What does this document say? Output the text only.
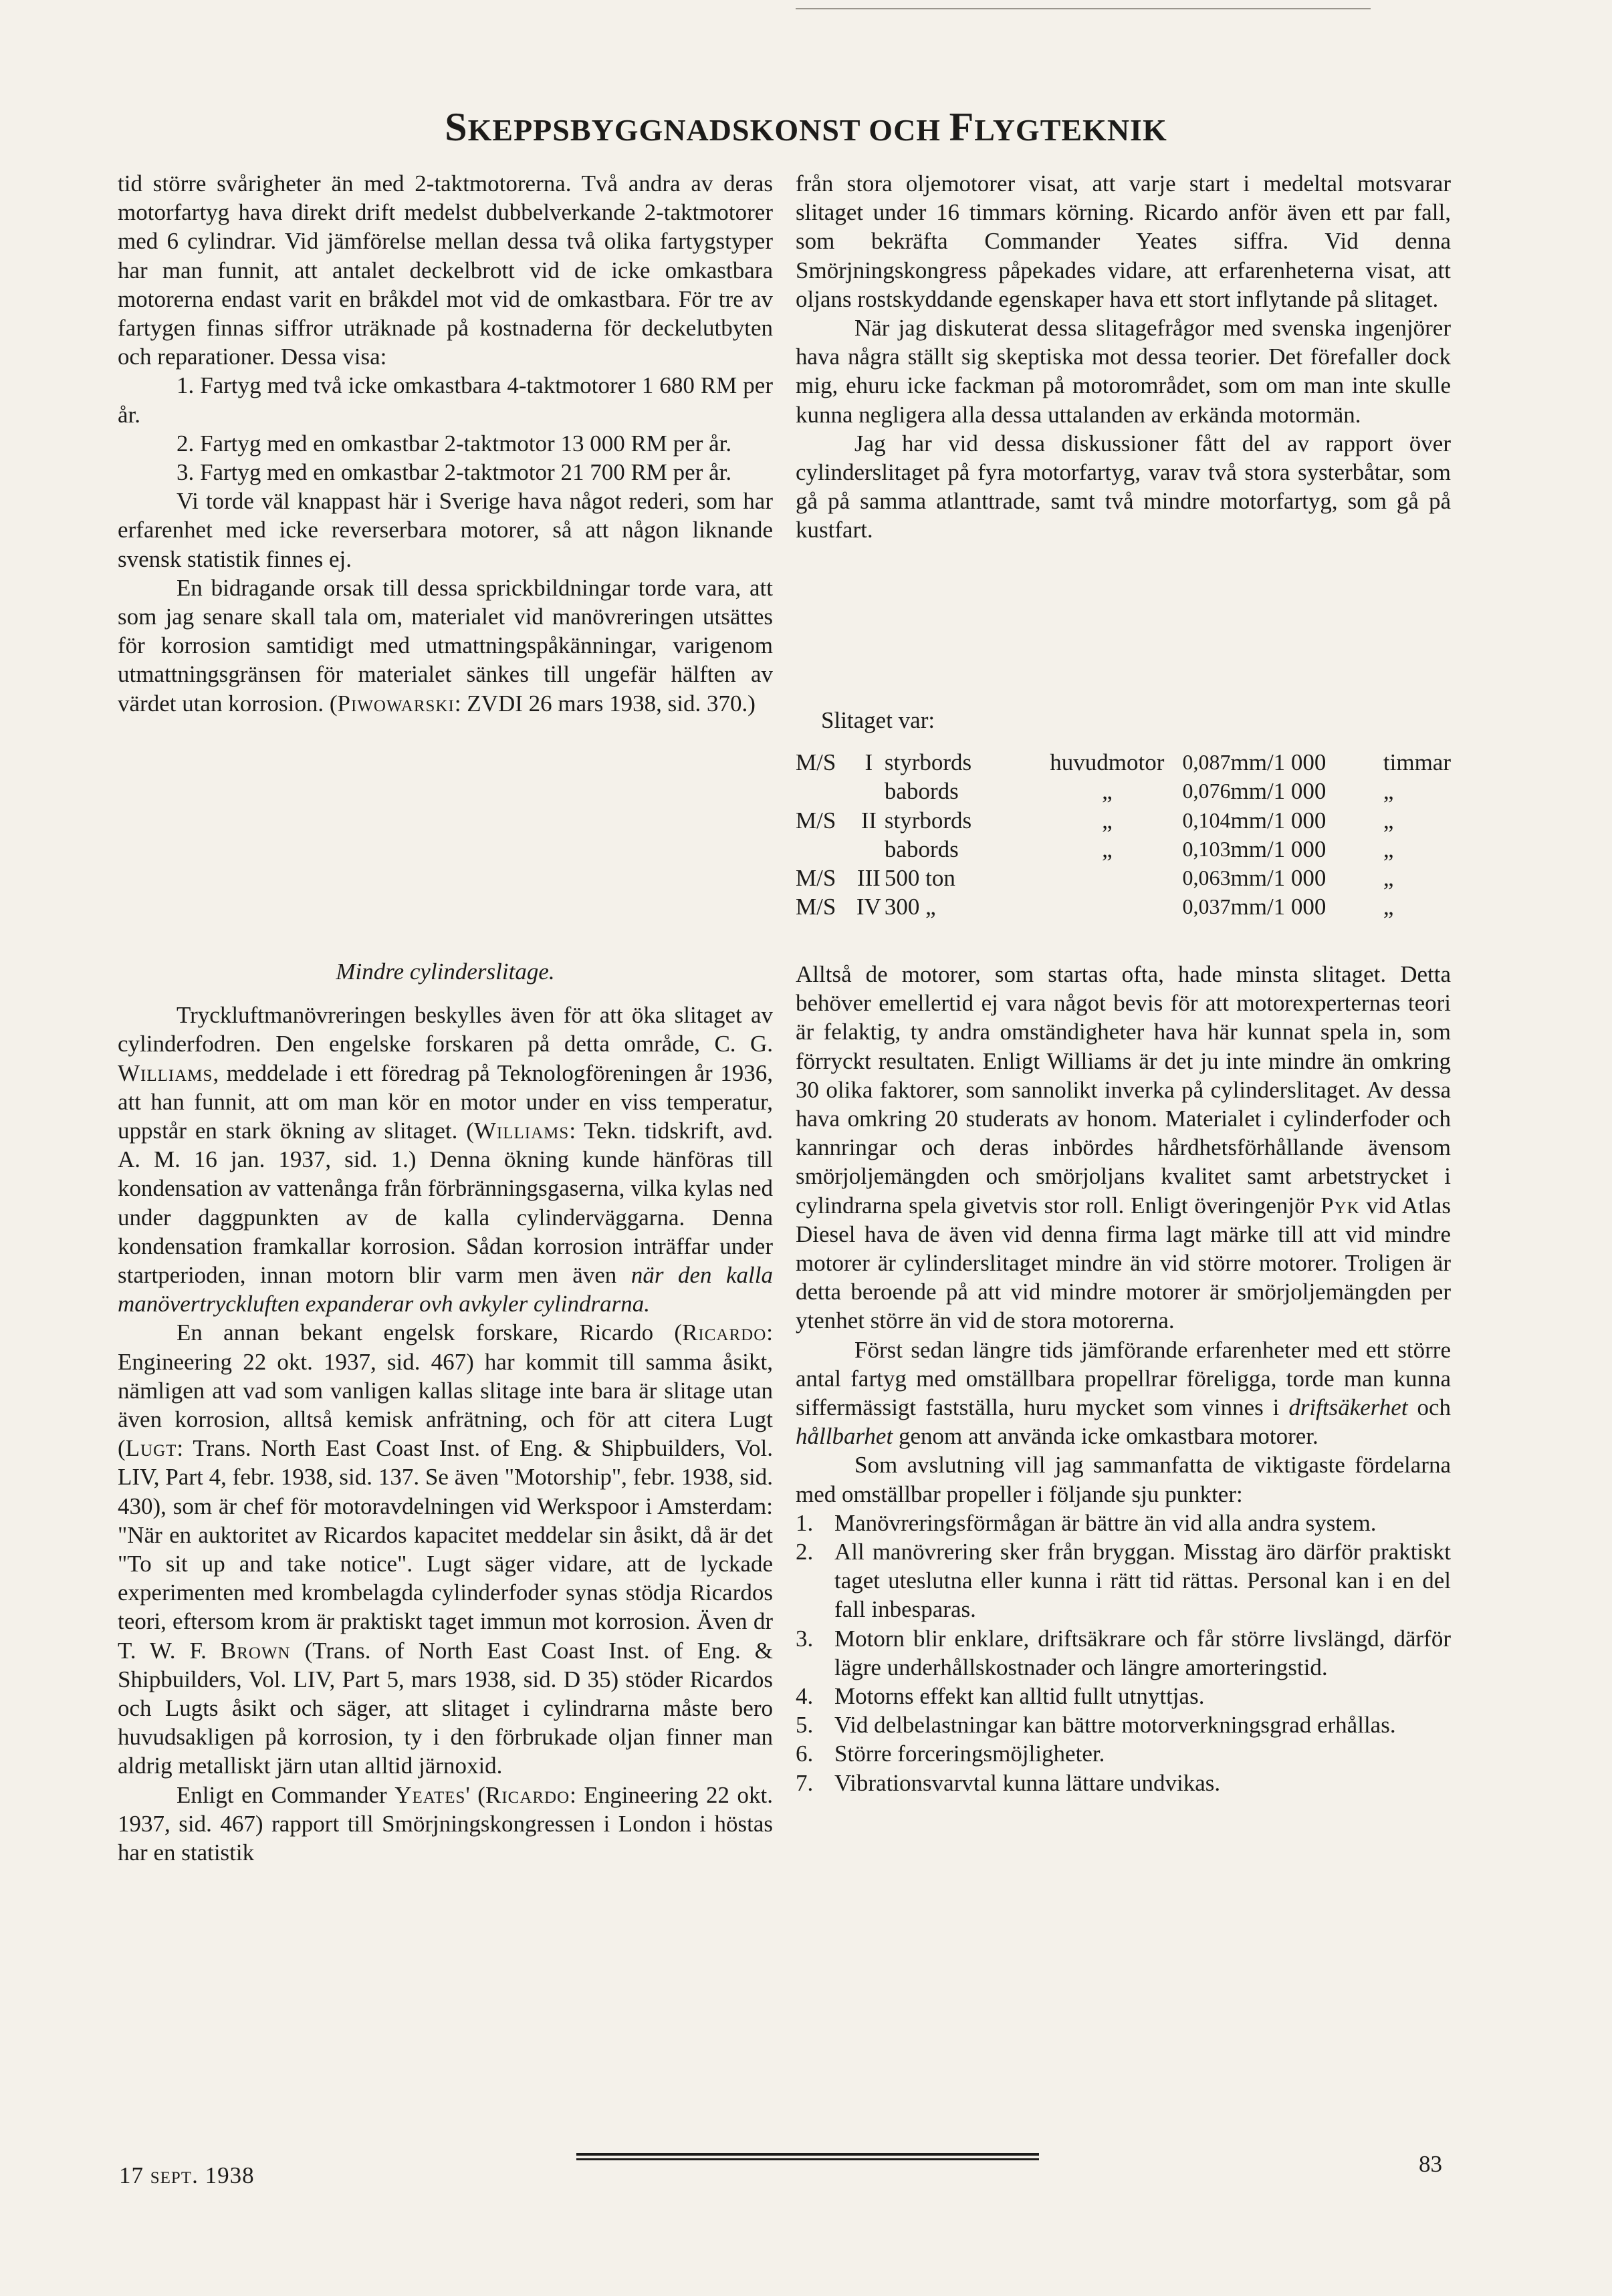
SKEPPSBYGGNADSKONST OCH FLYGTEKNIK

tid större svårigheter än med 2-taktmotorerna. Två andra av deras motorfartyg hava direkt drift medelst dubbelverkande 2-taktmotorer med 6 cylindrar. Vid jämförelse mellan dessa två olika fartygstyper har man funnit, att antalet deckelbrott vid de icke omkastbara motorerna endast varit en bråkdel mot vid de omkastbara. För tre av fartygen finnas siffror uträknade på kostnaderna för deckelutbyten och reparationer. Dessa visa:

1. Fartyg med två icke omkastbara 4-taktmotorer 1 680 RM per år.

2. Fartyg med en omkastbar 2-taktmotor 13 000 RM per år.

3. Fartyg med en omkastbar 2-taktmotor 21 700 RM per år.

Vi torde väl knappast här i Sverige hava något rederi, som har erfarenhet med icke reverserbara motorer, så att någon liknande svensk statistik finnes ej.

En bidragande orsak till dessa sprickbildningar torde vara, att som jag senare skall tala om, materialet vid manövreringen utsättes för korrosion samtidigt med utmattningspåkänningar, varigenom utmattningsgränsen för materialet sänkes till ungefär hälften av värdet utan korrosion. (Piwowarski: ZVDI 26 mars 1938, sid. 370.)

Mindre cylinderslitage.

Tryckluftmanövreringen beskylles även för att öka slitaget av cylinderfodren. Den engelske forskaren på detta område, C. G. Williams, meddelade i ett föredrag på Teknologföreningen år 1936, att han funnit, att om man kör en motor under en viss temperatur, uppstår en stark ökning av slitaget. (Williams: Tekn. tidskrift, avd. A. M. 16 jan. 1937, sid. 1.) Denna ökning kunde hänföras till kondensation av vattenånga från förbränningsgaserna, vilka kylas ned under daggpunkten av de kalla cylinderväggarna. Denna kondensation framkallar korrosion. Sådan korrosion inträffar under startperioden, innan motorn blir varm men även när den kalla manövertryckluften expanderar ovh avkyler cylindrarna.

En annan bekant engelsk forskare, Ricardo (Ricardo: Engineering 22 okt. 1937, sid. 467) har kommit till samma åsikt, nämligen att vad som vanligen kallas slitage inte bara är slitage utan även korrosion, alltså kemisk anfrätning, och för att citera Lugt (Lugt: Trans. North East Coast Inst. of Eng. & Shipbuilders, Vol. LIV, Part 4, febr. 1938, sid. 137. Se även "Motorship", febr. 1938, sid. 430), som är chef för motoravdelningen vid Werkspoor i Amsterdam: "När en auktoritet av Ricardos kapacitet meddelar sin åsikt, då är det "To sit up and take notice". Lugt säger vidare, att de lyckade experimenten med krombelagda cylinderfoder synas stödja Ricardos teori, eftersom krom är praktiskt taget immun mot korrosion. Även dr T. W. F. Brown (Trans. of North East Coast Inst. of Eng. & Shipbuilders, Vol. LIV, Part 5, mars 1938, sid. D 35) stöder Ricardos och Lugts åsikt och säger, att slitaget i cylindrarna måste bero huvudsakligen på korrosion, ty i den förbrukade oljan finner man aldrig metalliskt järn utan alltid järnoxid.

Enligt en Commander Yeates' (Ricardo: Engineering 22 okt. 1937, sid. 467) rapport till Smörjningskongressen i London i höstas har en statistik

från stora oljemotorer visat, att varje start i medeltal motsvarar slitaget under 16 timmars körning. Ricardo anför även ett par fall, som bekräfta Commander Yeates siffra. Vid denna Smörjningskongress påpekades vidare, att erfarenheterna visat, att oljans rostskyddande egenskaper hava ett stort inflytande på slitaget.

När jag diskuterat dessa slitagefrågor med svenska ingenjörer hava några ställt sig skeptiska mot dessa teorier. Det förefaller dock mig, ehuru icke fackman på motorområdet, som om man inte skulle kunna negligera alla dessa uttalanden av erkända motormän.

Jag har vid dessa diskussioner fått del av rapport över cylinderslitaget på fyra motorfartyg, varav två stora systerbåtar, som gå på samma atlanttrade, samt två mindre motorfartyg, som gå på kustfart.

Slitaget var:

M/S	I	styrbords	huvudmotor	0,087	mm/1 000	timmar
		babords	„	0,076	mm/1 000	„
M/S	II	styrbords	„	0,104	mm/1 000	„
		babords	„	0,103	mm/1 000	„
M/S	III	500 ton		0,063	mm/1 000	„
M/S	IV	300 „		0,037	mm/1 000	„

Alltså de motorer, som startas ofta, hade minsta slitaget. Detta behöver emellertid ej vara något bevis för att motorexperternas teori är felaktig, ty andra omständigheter hava här kunnat spela in, som förryckt resultaten. Enligt Williams är det ju inte mindre än omkring 30 olika faktorer, som sannolikt inverka på cylinderslitaget. Av dessa hava omkring 20 studerats av honom. Materialet i cylinderfoder och kannringar och deras inbördes hårdhetsförhållande ävensom smörjoljemängden och smörjoljans kvalitet samt arbetstrycket i cylindrarna spela givetvis stor roll. Enligt överingenjör Pyk vid Atlas Diesel hava de även vid denna firma lagt märke till att vid mindre motorer är cylinderslitaget mindre än vid större motorer. Troligen är detta beroende på att vid mindre motorer är smörjoljemängden per ytenhet större än vid de stora motorerna.

Först sedan längre tids jämförande erfarenheter med ett större antal fartyg med omställbara propellrar föreligga, torde man kunna siffermässigt fastställa, huru mycket som vinnes i driftsäkerhet och hållbarhet genom att använda icke omkastbara motorer.

Som avslutning vill jag sammanfatta de viktigaste fördelarna med omställbar propeller i följande sju punkter:

1. Manövreringsförmågan är bättre än vid alla andra system.
2. All manövrering sker från bryggan. Misstag äro därför praktiskt taget uteslutna eller kunna i rätt tid rättas. Personal kan i en del fall inbesparas.
3. Motorn blir enklare, driftsäkrare och får större livslängd, därför lägre underhållskostnader och längre amorteringstid.
4. Motorns effekt kan alltid fullt utnyttjas.
5. Vid delbelastningar kan bättre motorverkningsgrad erhållas.
6. Större forceringsmöjligheter.
7. Vibrationsvarvtal kunna lättare undvikas.
17 sept. 1938	83
